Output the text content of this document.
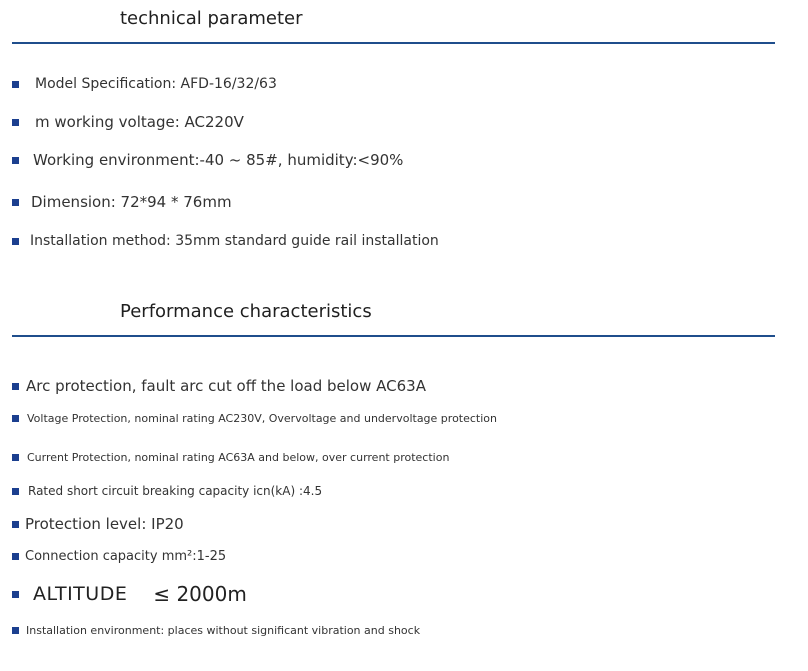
technical parameter
Model Specification: AFD-16/32/63
m working voltage: AC220V
Working environment:-40 ~ 85#, humidity:<90%
Dimension: 72*94 * 76mm
Installation method: 35mm standard guide rail installation
Performance characteristics
Arc protection, fault arc cut off the load below AC63A
Voltage Protection, nominal rating AC230V, Overvoltage and undervoltage protection
Current Protection, nominal rating AC63A and below, over current protection
Rated short circuit breaking capacity icn(kA) :4.5
Protection level: IP20
Connection capacity mm²:1-25
ALTITUDE ≤ 2000m
Installation environment: places without significant vibration and shock
